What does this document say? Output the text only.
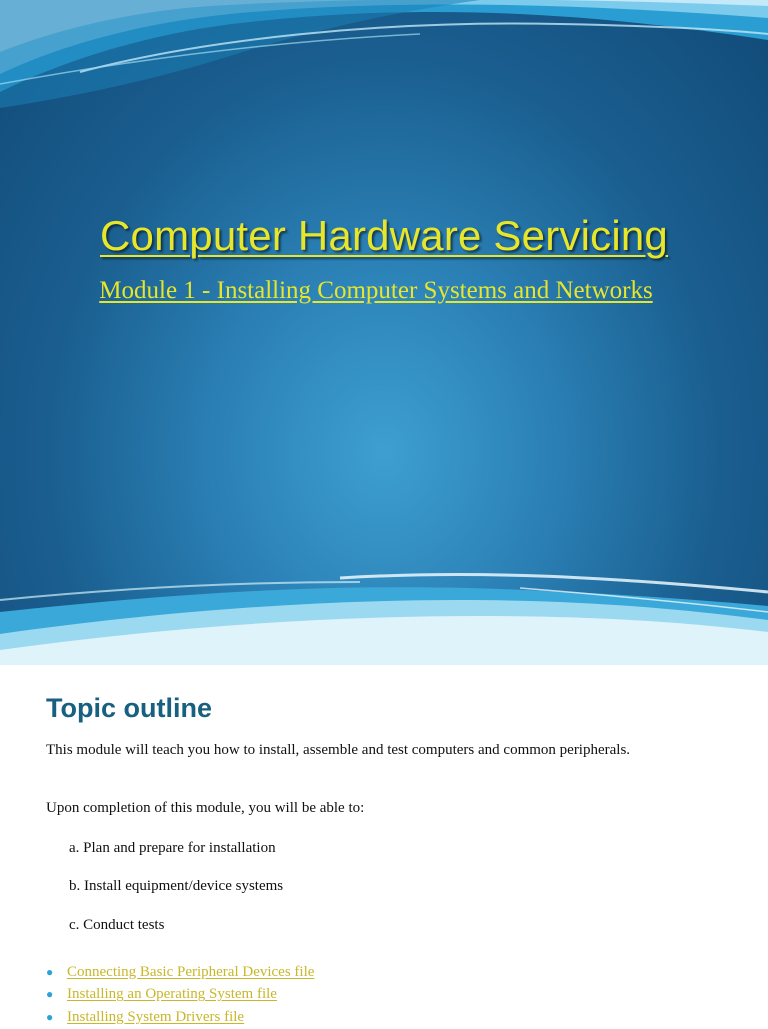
Computer Hardware Servicing

Module 1 - Installing Computer Systems and Networks

Topic outline

This module will teach you how to install, assemble and test computers and common peripherals.

Upon completion of this module, you will be able to:

a. Plan and prepare for installation

b. Install equipment/device systems

c. Conduct tests

● Connecting Basic Peripheral Devices file
● Installing an Operating System file
● Installing System Drivers file
